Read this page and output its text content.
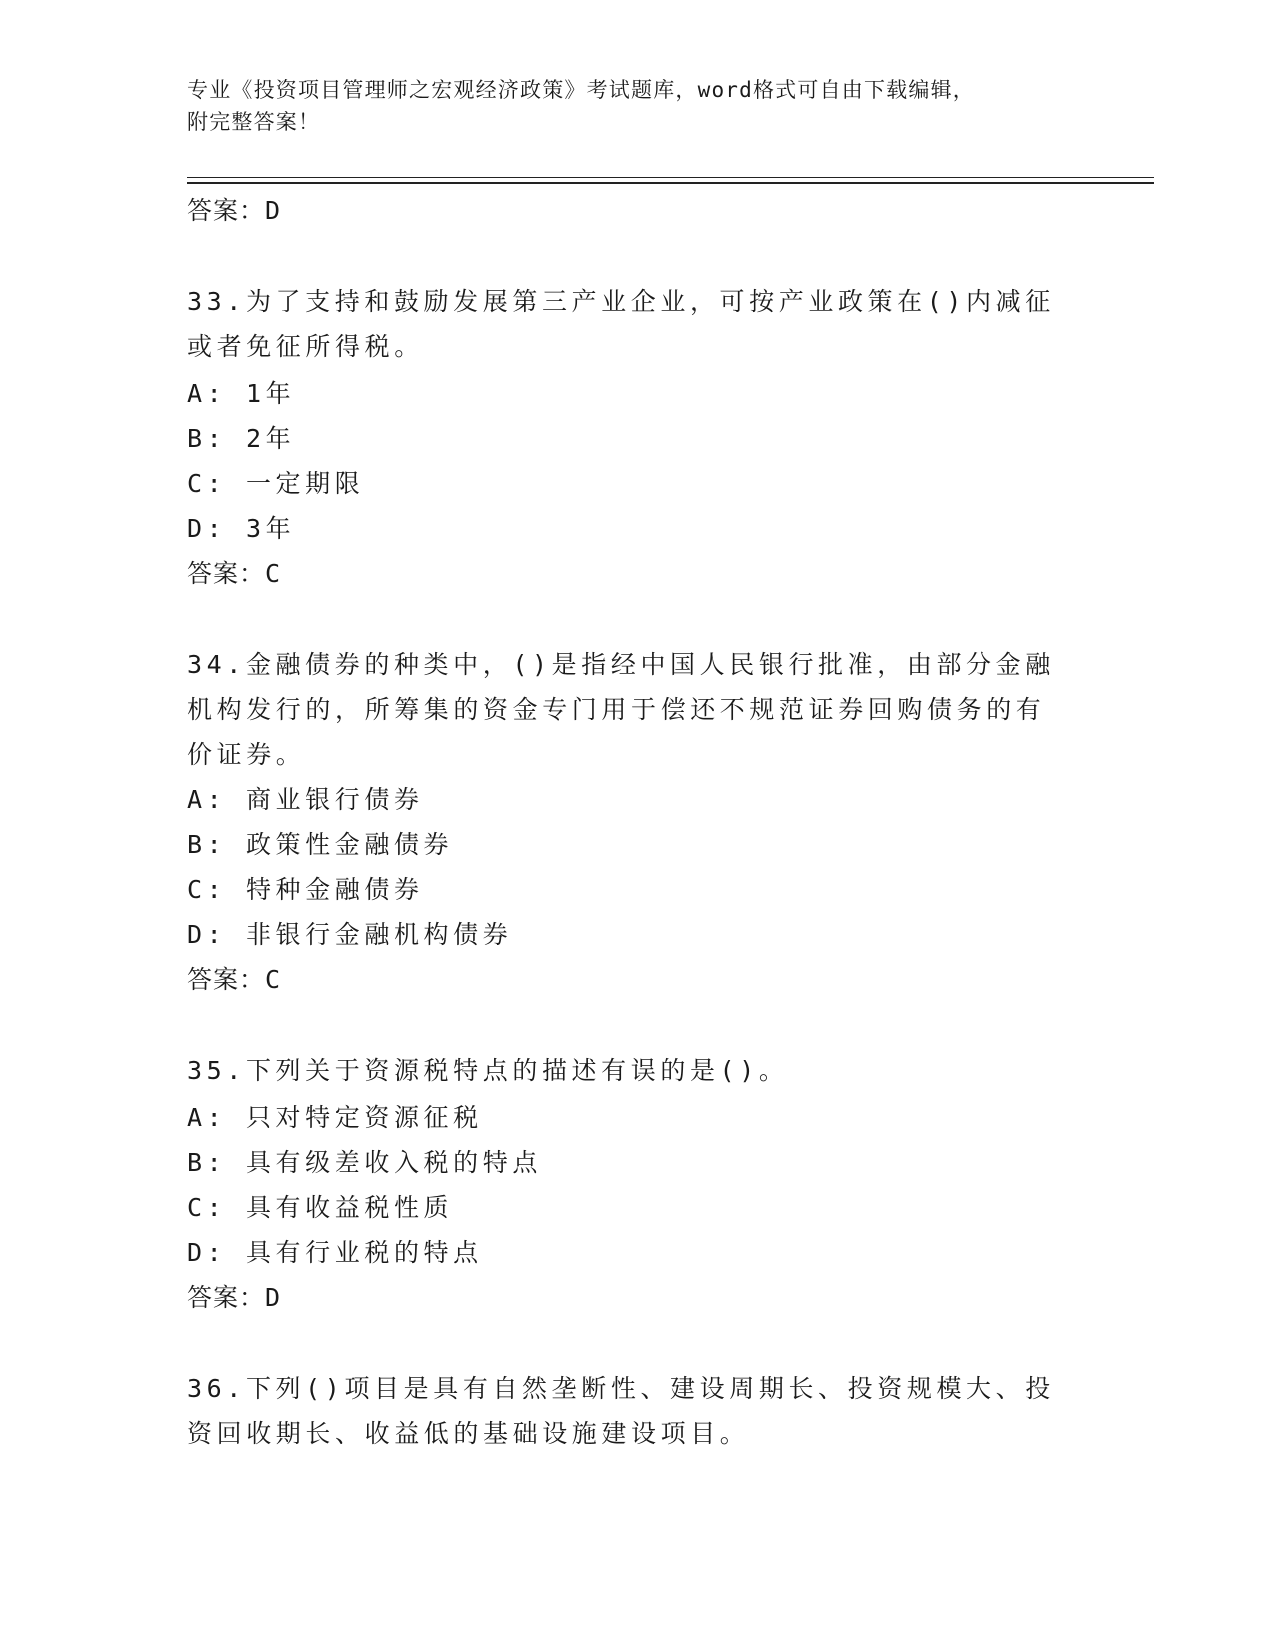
专业《投资项目管理师之宏观经济政策》考试题库，word格式可自由下载编辑，
附完整答案！
答案：D
33.为了支持和鼓励发展第三产业企业，可按产业政策在()内减征或者免征所得税。
A: 1年
B: 2年
C: 一定期限
D: 3年
答案：C
34.金融债券的种类中，()是指经中国人民银行批准，由部分金融机构发行的，所筹集的资金专门用于偿还不规范证券回购债务的有价证券。
A: 商业银行债券
B: 政策性金融债券
C: 特种金融债券
D: 非银行金融机构债券
答案：C
35.下列关于资源税特点的描述有误的是()。
A: 只对特定资源征税
B: 具有级差收入税的特点
C: 具有收益税性质
D: 具有行业税的特点
答案：D
36.下列()项目是具有自然垄断性、建设周期长、投资规模大、投资回收期长、收益低的基础设施建设项目。
